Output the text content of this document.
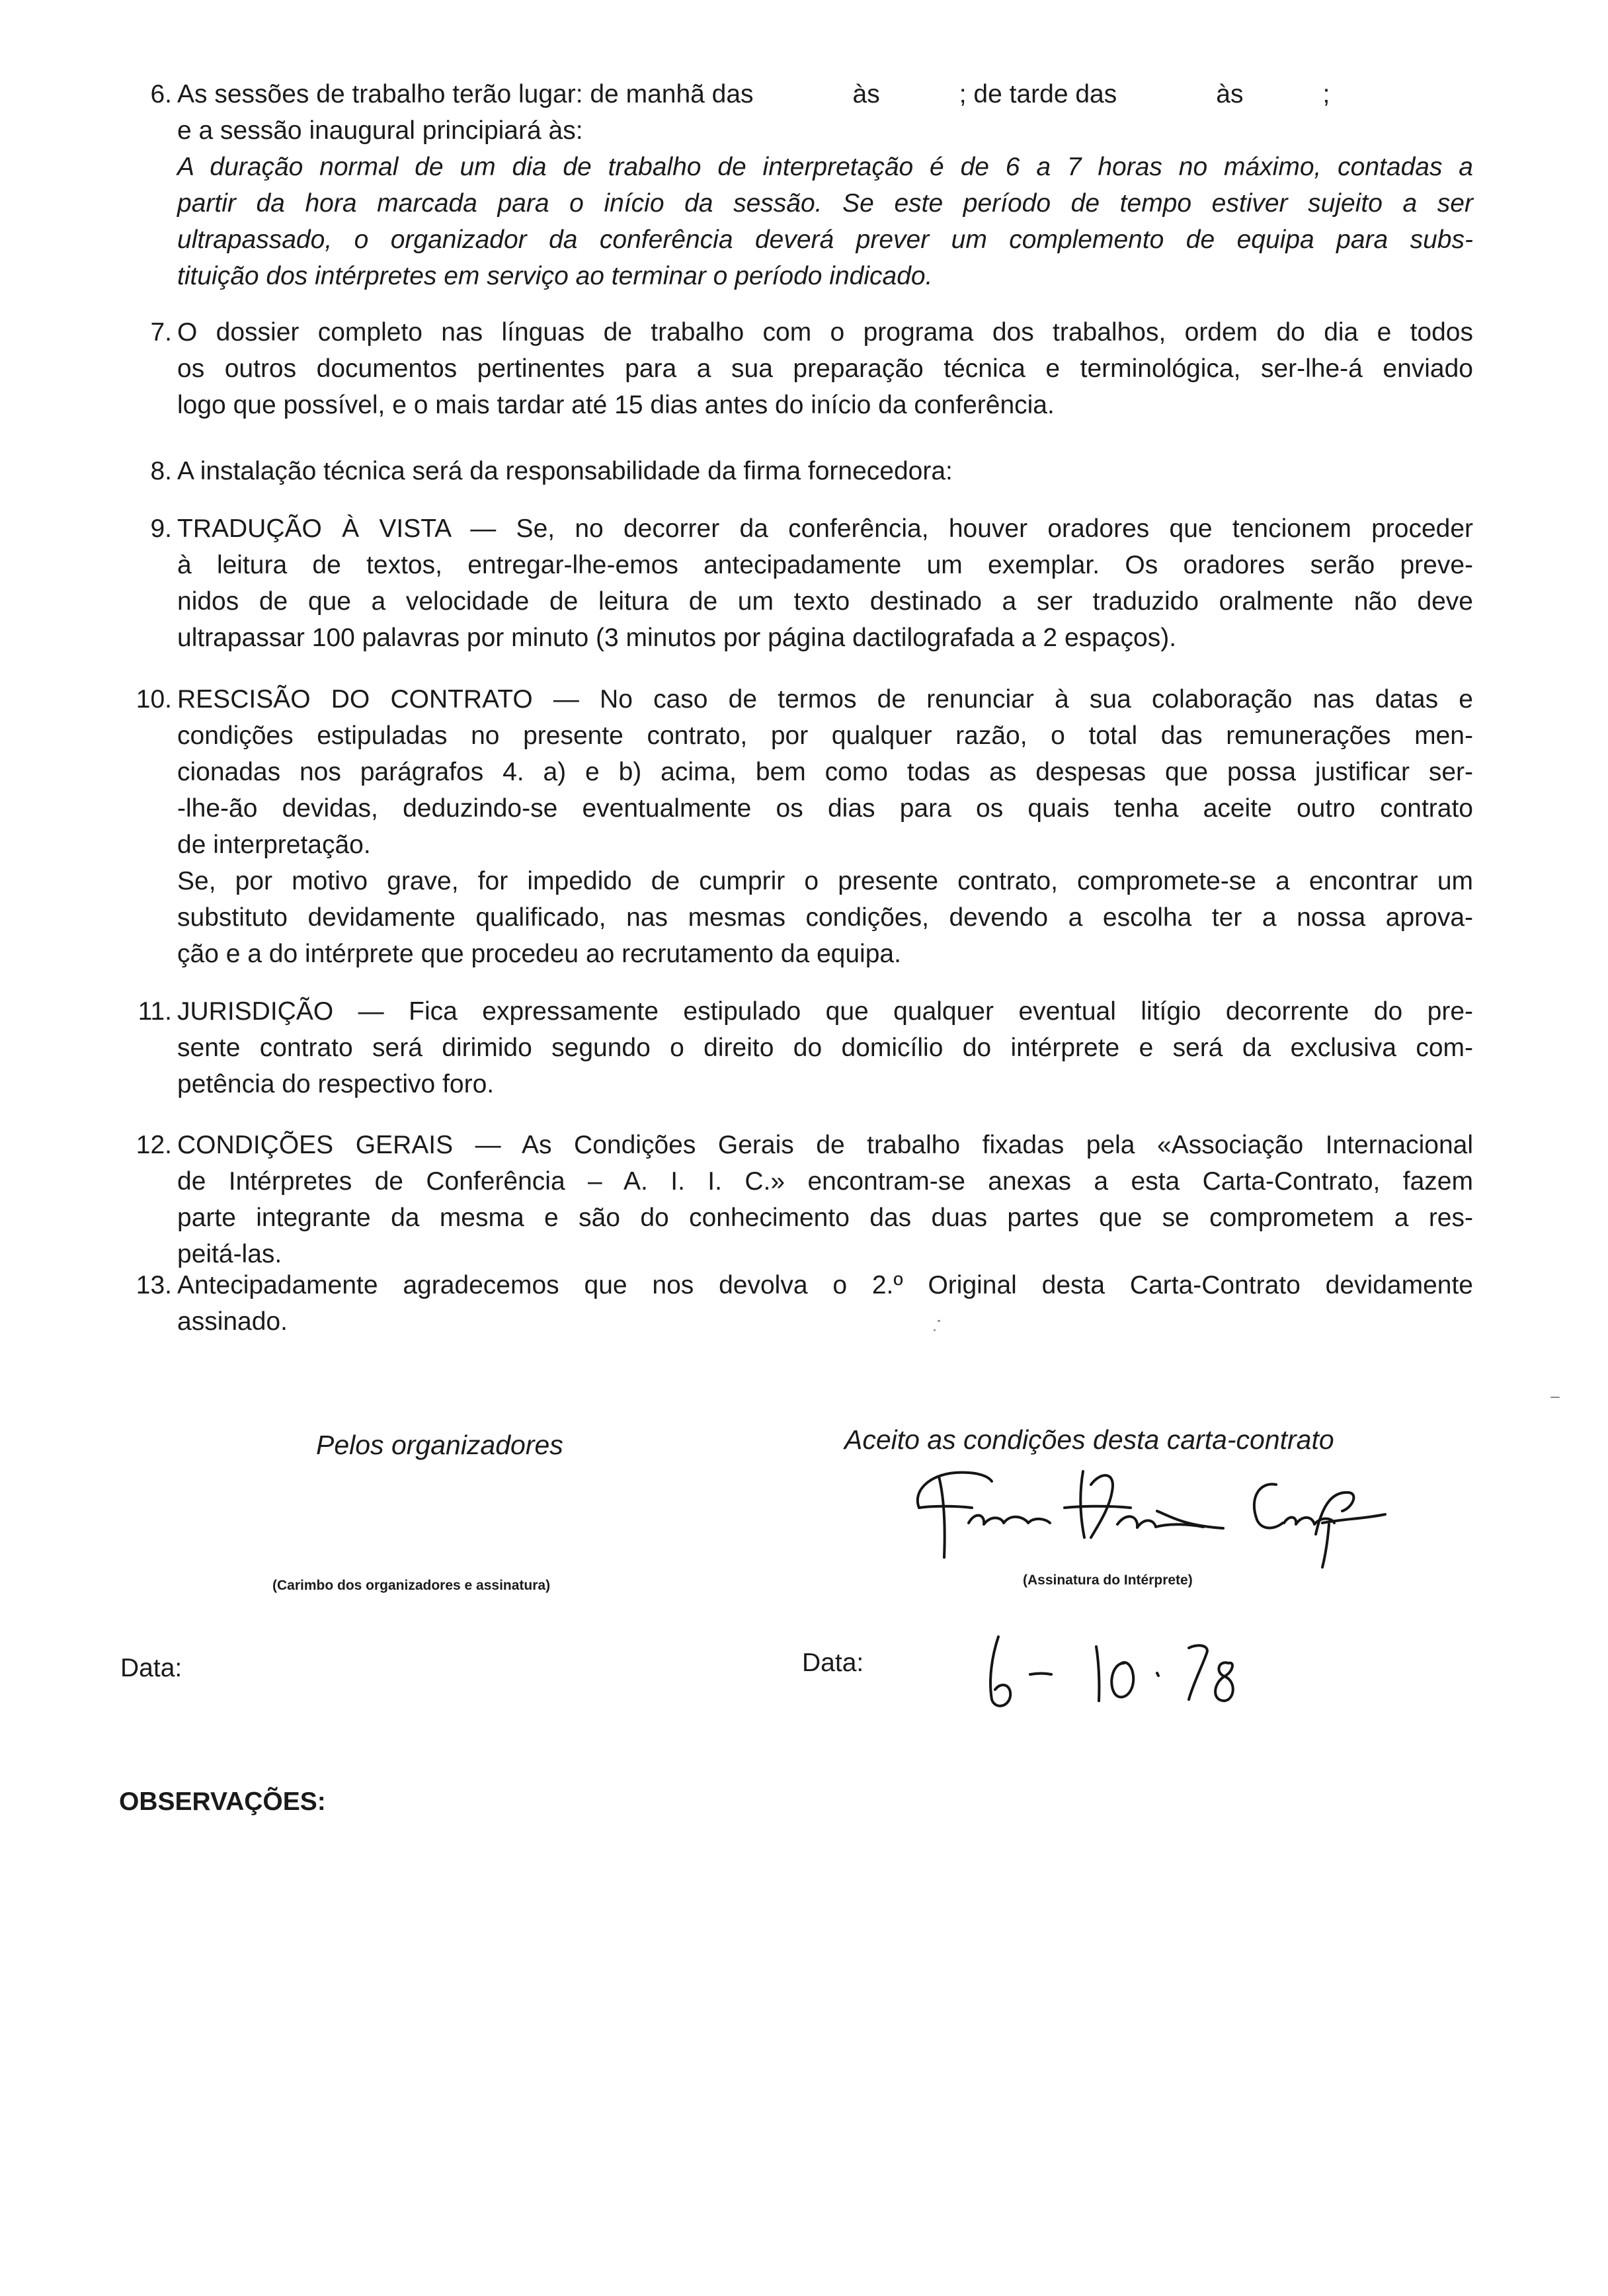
6. As sessões de trabalho terão lugar: de manhã das	às	; de tarde das	às	;
e a sessão inaugural principiará às:
A duração normal de um dia de trabalho de interpretação é de 6 a 7 horas no máximo, contadas a
partir da hora marcada para o início da sessão. Se este período de tempo estiver sujeito a ser
ultrapassado, o organizador da conferência deverá prever um complemento de equipa para subs-
tituição dos intérpretes em serviço ao terminar o período indicado.
7. O dossier completo nas línguas de trabalho com o programa dos trabalhos, ordem do dia e todos
os outros documentos pertinentes para a sua preparação técnica e terminológica, ser-lhe-á enviado
logo que possível, e o mais tardar até 15 dias antes do início da conferência.
8. A instalação técnica será da responsabilidade da firma fornecedora:
9. TRADUÇÃO À VISTA — Se, no decorrer da conferência, houver oradores que tencionem proceder
à leitura de textos, entregar-lhe-emos antecipadamente um exemplar. Os oradores serão preve-
nidos de que a velocidade de leitura de um texto destinado a ser traduzido oralmente não deve
ultrapassar 100 palavras por minuto (3 minutos por página dactilografada a 2 espaços).
10. RESCISÃO DO CONTRATO — No caso de termos de renunciar à sua colaboração nas datas e
condições estipuladas no presente contrato, por qualquer razão, o total das remunerações men-
cionadas nos parágrafos 4. a) e b) acima, bem como todas as despesas que possa justificar ser-
-lhe-ão devidas, deduzindo-se eventualmente os dias para os quais tenha aceite outro contrato
de interpretação.
Se, por motivo grave, for impedido de cumprir o presente contrato, compromete-se a encontrar um
substituto devidamente qualificado, nas mesmas condições, devendo a escolha ter a nossa aprova-
ção e a do intérprete que procedeu ao recrutamento da equipa.
11. JURISDIÇÃO — Fica expressamente estipulado que qualquer eventual litígio decorrente do pre-
sente contrato será dirimido segundo o direito do domicílio do intérprete e será da exclusiva com-
petência do respectivo foro.
12. CONDIÇÕES GERAIS — As Condições Gerais de trabalho fixadas pela «Associação Internacional
de Intérpretes de Conferência – A. I. I. C.» encontram-se anexas a esta Carta-Contrato, fazem
parte integrante da mesma e são do conhecimento das duas partes que se comprometem a res-
peitá-las.
13. Antecipadamente agradecemos que nos devolva o 2.º Original desta Carta-Contrato devidamente
assinado.
Pelos organizadores	Aceito as condições desta carta-contrato
(Carimbo dos organizadores e assinatura)	(Assinatura do Intérprete)
Data:	Data:
OBSERVAÇÕES:
